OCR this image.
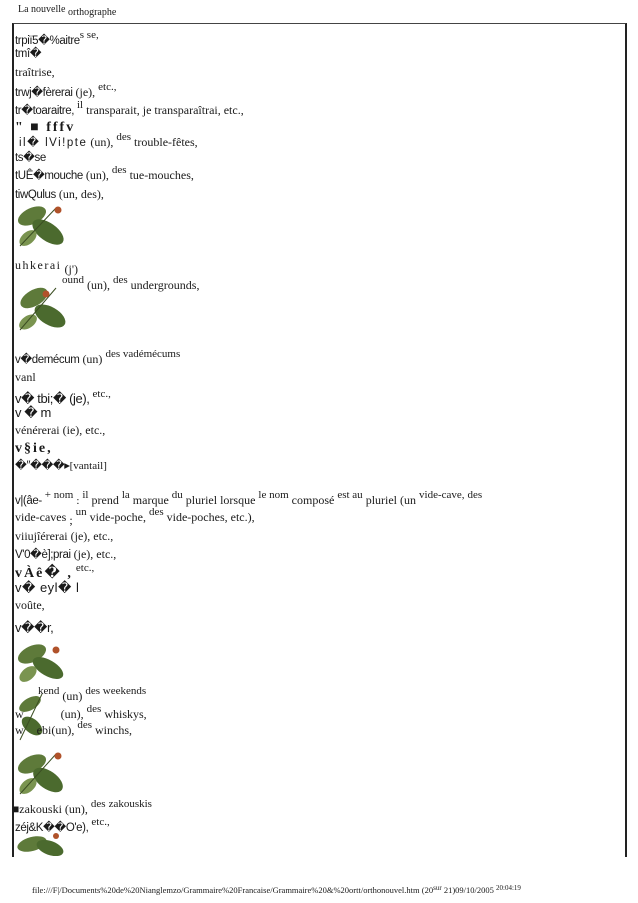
La nouvelle orthographe
trpiï5�%aitres se,
tmî�
traîtrise,
trwj�fèrerai (je), etc.,
tr�toaraitre, il transparait, je transparaîtrai, etc.,
" ■ fffv
il� lVi!pte (un), des trouble-fêtes,
ts�se
tUÊ�mouche (un), des tue-mouches,
tiwQulus (un, des),
uhkerai (j')
ound (un), des undergrounds,
v�demécum (un) des vadémécums
vanl
v� tbi;� (je), etc.,
v � m
vénérerai (ie), etc.,
v§ie,
�″���▸[vantail]
v|(âe- + nom : il prend la marque du pluriel lorsque le nom composé est au pluriel (un vide-cave, des
vide-caves ; un vide-poche, des vide-poches, etc.),
viiujîérerai (je), etc.,
V'0�è];prai (je), etc.,
vÀê� , etc.,
v� eyl� l
voûte,
v��r,
kend (un) des weekends
w	(un), des whiskys,
w ebi(un), des winchs,
■zakouski (un), des zakouskis
zéj&K��O'e), etc.,
file:///F|/Documents%20de%20Nianglemzo/Grammaire%20Francaise/Grammaire%20&%20ortt/orthonouvel.htm ($20^{sur}$ 21)09/10/2005 $^{20:04:19}$
